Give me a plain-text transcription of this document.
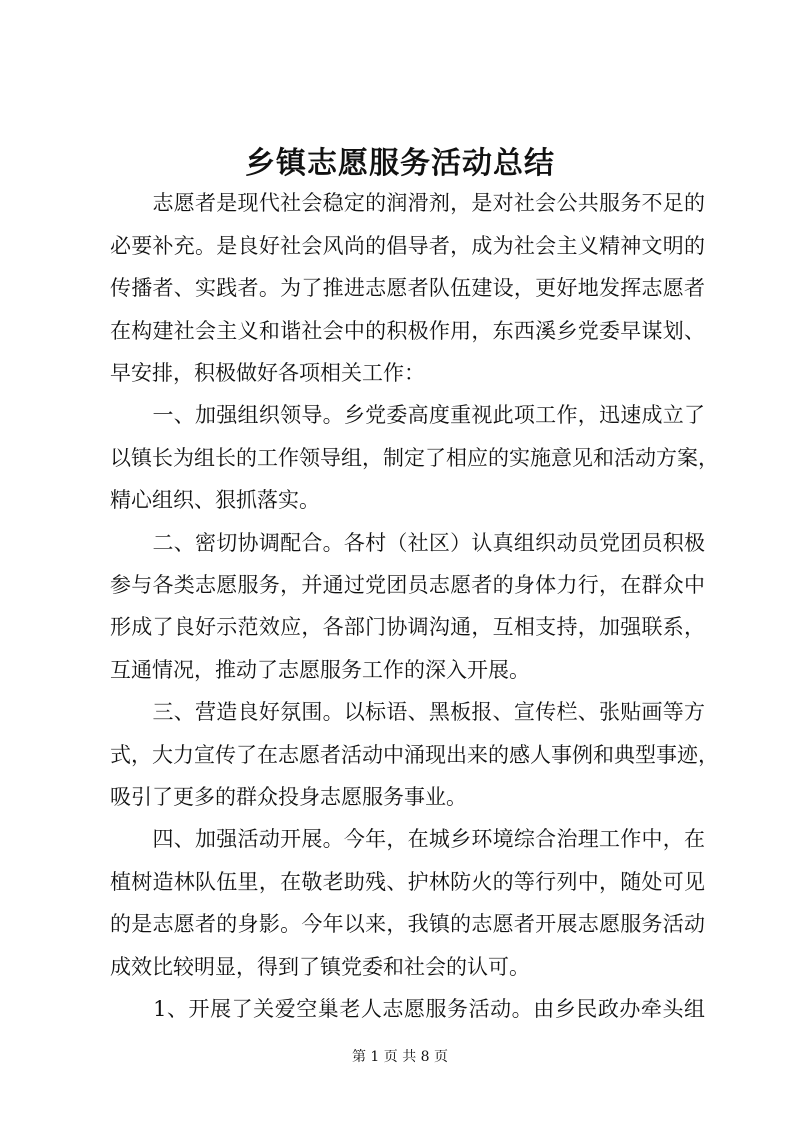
乡镇志愿服务活动总结
　　志愿者是现代社会稳定的润滑剂，是对社会公共服务不足的
必要补充。是良好社会风尚的倡导者，成为社会主义精神文明的
传播者、实践者。为了推进志愿者队伍建设，更好地发挥志愿者
在构建社会主义和谐社会中的积极作用，东西溪乡党委早谋划、
早安排，积极做好各项相关工作：
　　一、加强组织领导。乡党委高度重视此项工作，迅速成立了
以镇长为组长的工作领导组，制定了相应的实施意见和活动方案，
精心组织、狠抓落实。
　　二、密切协调配合。各村（社区）认真组织动员党团员积极
参与各类志愿服务，并通过党团员志愿者的身体力行，在群众中
形成了良好示范效应，各部门协调沟通，互相支持，加强联系，
互通情况，推动了志愿服务工作的深入开展。
　　三、营造良好氛围。以标语、黑板报、宣传栏、张贴画等方
式，大力宣传了在志愿者活动中涌现出来的感人事例和典型事迹，
吸引了更多的群众投身志愿服务事业。
　　四、加强活动开展。今年，在城乡环境综合治理工作中，在
植树造林队伍里，在敬老助残、护林防火的等行列中，随处可见
的是志愿者的身影。今年以来，我镇的志愿者开展志愿服务活动
成效比较明显，得到了镇党委和社会的认可。
　　1、开展了关爱空巢老人志愿服务活动。由乡民政办牵头组
第 1 页 共 8 页
